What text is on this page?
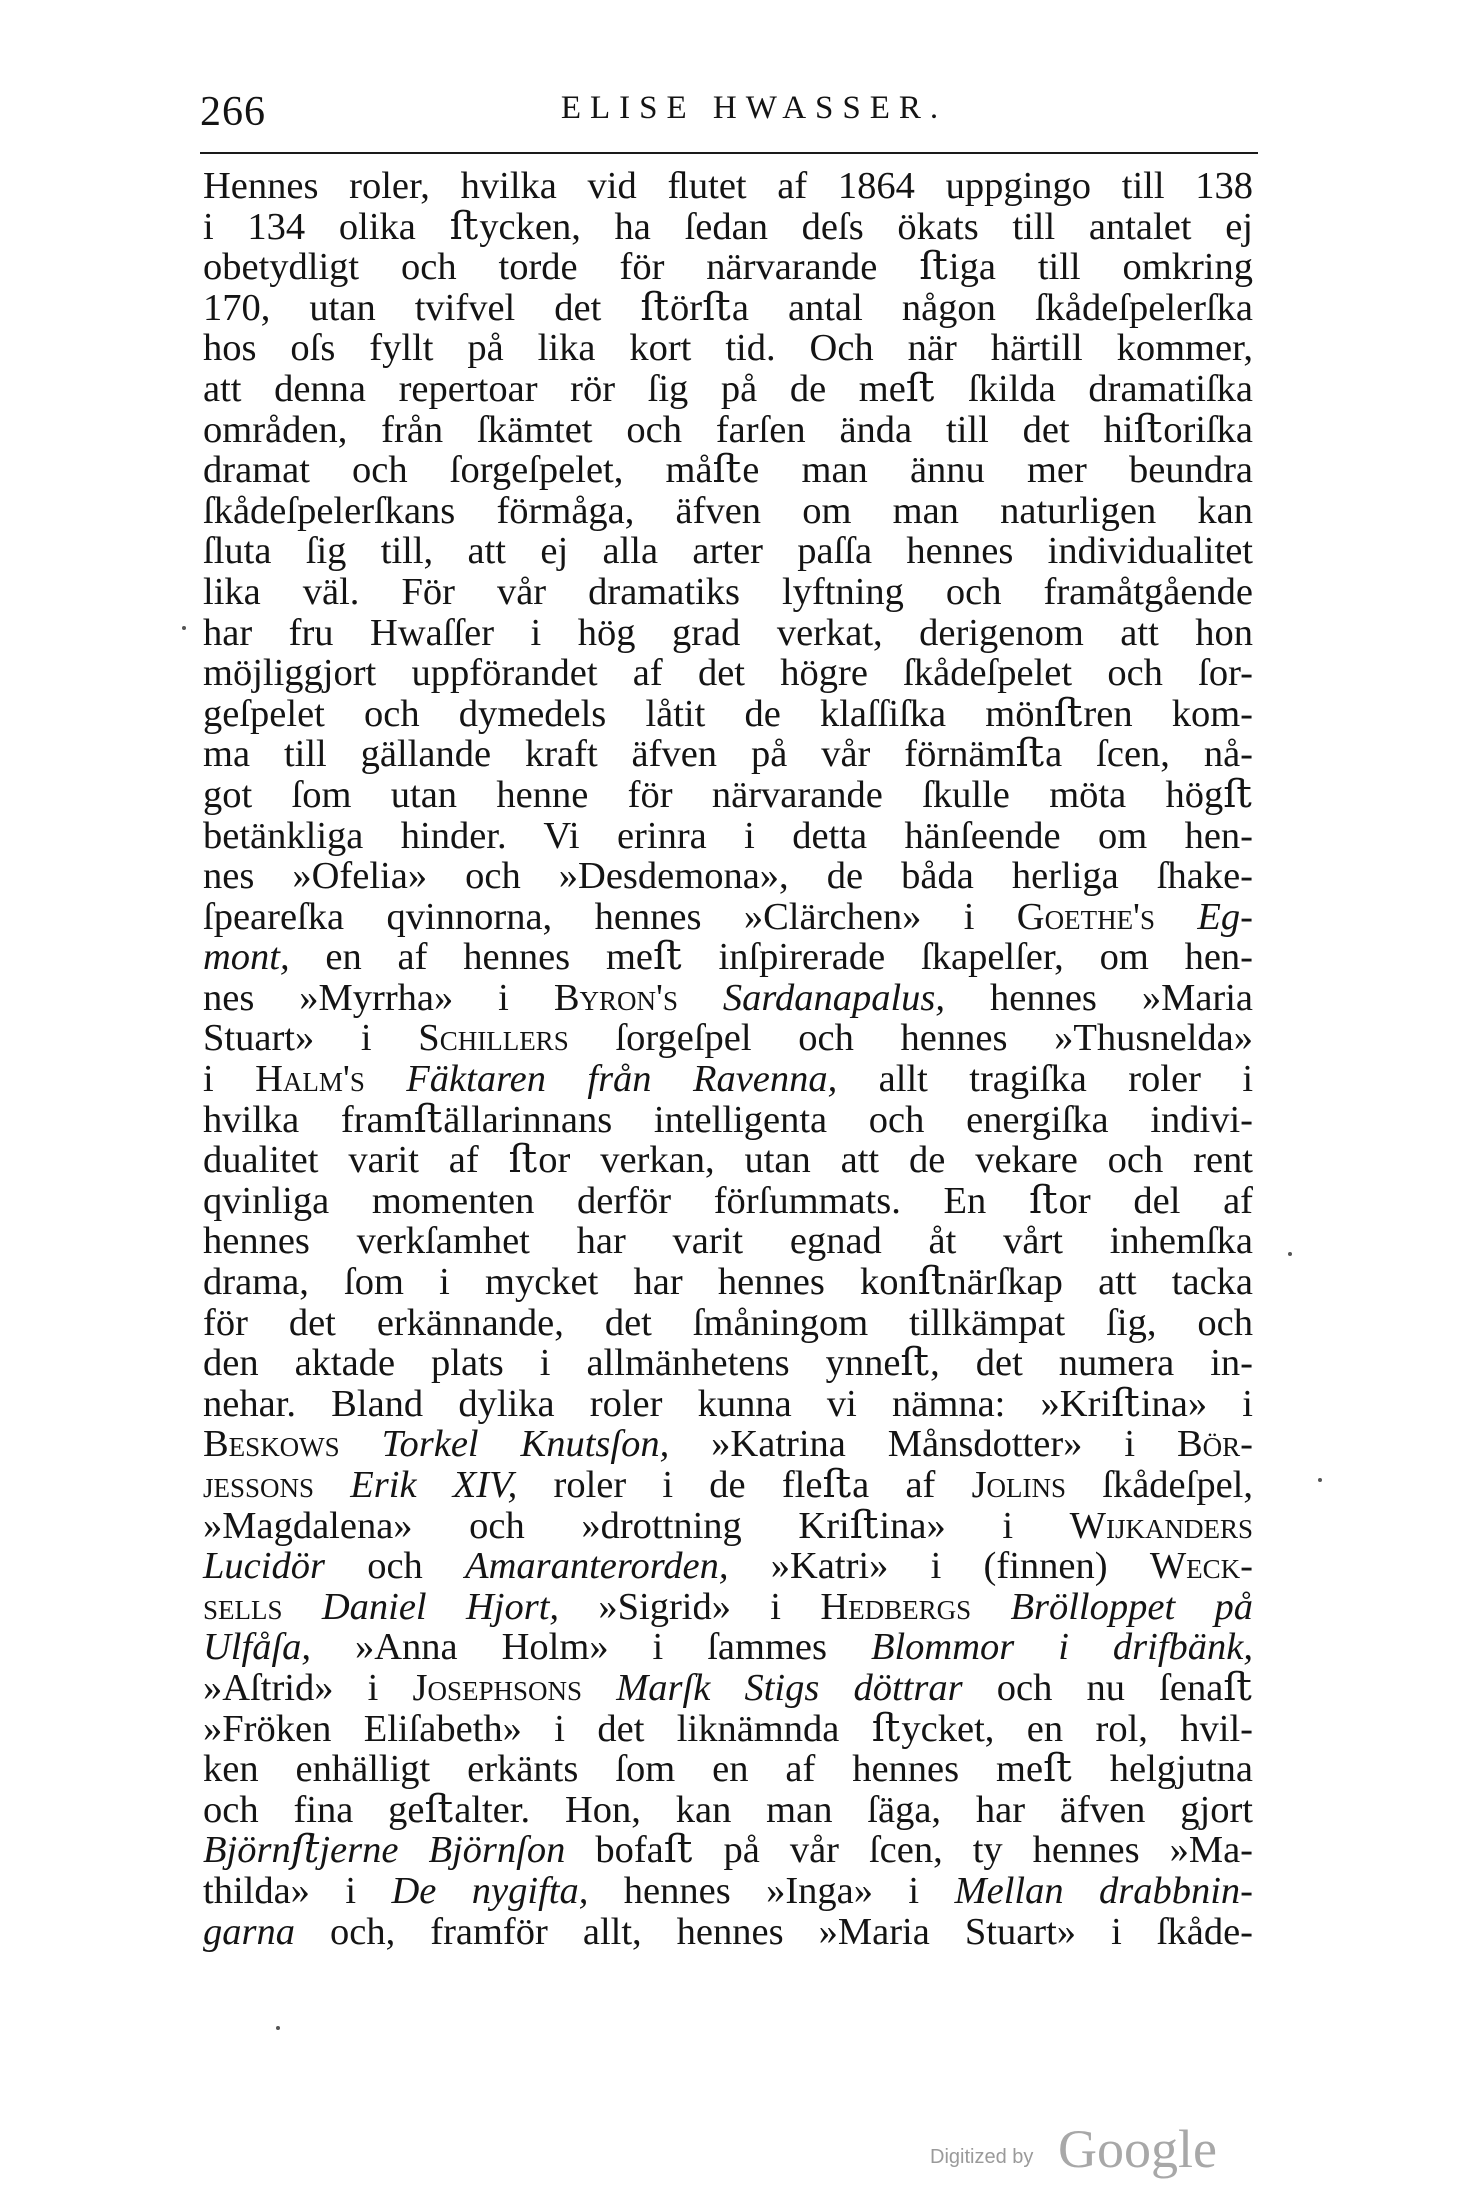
266	ELISE HWASSER.
Hennes roler, hvilka vid ﬂutet af 1864 uppgingo till 138
i 134 olika ﬅycken, ha ſedan deſs ökats till antalet ej
obetydligt och torde för närvarande ﬅiga till omkring
170, utan tvifvel det ﬅörﬅa antal någon ſkådeſpelerſka
hos oſs fyllt på lika kort tid. Och när härtill kommer,
att denna repertoar rör ſig på de meﬅ ſkilda dramatiſka
områden, från ſkämtet och farſen ända till det hiﬅoriſka
dramat och ſorgeſpelet, måﬅe man ännu mer beundra
ſkådeſpelerſkans förmåga, äfven om man naturligen kan
ſluta ſig till, att ej alla arter paſſa hennes individualitet
lika väl. För vår dramatiks lyftning och framåtgående
har fru Hwaſſer i hög grad verkat, derigenom att hon
möjliggjort uppförandet af det högre ſkådeſpelet och ſor-
geſpelet och dymedels låtit de klaſſiſka mönﬅren kom-
ma till gällande kraft äfven på vår förnämﬅa ſcen, nå-
got ſom utan henne för närvarande ſkulle möta högﬅ
betänkliga hinder. Vi erinra i detta hänſeende om hen-
nes »Ofelia» och »Desdemona», de båda herliga ſhake-
ſpeareſka qvinnorna, hennes »Clärchen» i Goethe's Eg-
mont, en af hennes meﬅ inſpirerade ſkapelſer, om hen-
nes »Myrrha» i Byron's Sardanapalus, hennes »Maria
Stuart» i Schillers ſorgeſpel och hennes »Thusnelda»
i Halm's Fäktaren från Ravenna, allt tragiſka roler i
hvilka framﬅällarinnans intelligenta och energiſka indivi-
dualitet varit af ﬅor verkan, utan att de vekare och rent
qvinliga momenten derför förſummats. En ﬅor del af
hennes verkſamhet har varit egnad åt vårt inhemſka
drama, ſom i mycket har hennes konﬅnärſkap att tacka
för det erkännande, det ſmåningom tillkämpat ſig, och
den aktade plats i allmänhetens ynneﬅ, det numera in-
nehar. Bland dylika roler kunna vi nämna: »Kriﬅina» i
Beskows Torkel Knutsſon, »Katrina Månsdotter» i Bör-
jessons Erik XIV, roler i de fleﬅa af Jolins ſkådeſpel,
»Magdalena» och »drottning Kriﬅina» i Wijkanders
Lucidör och Amaranterorden, »Katri» i (finnen) Weck-
sells Daniel Hjort, »Sigrid» i Hedbergs Bröllоppet på
Ulfåſa, »Anna Holm» i ſammes Blommor i drifbänk,
»Aſtrid» i Josephsons Marſk Stigs döttrar och nu ſenaﬅ
»Fröken Eliſabeth» i det liknämnda ﬅycket, en rol, hvil-
ken enhälligt erkänts ſom en af hennes meﬅ helgjutna
och fina geﬅalter. Hon, kan man ſäga, har äfven gjort
Björnﬅjerne Björnſon bofaﬅ på vår ſcen, ty hennes »Ma-
thilda» i De nygifta, hennes »Inga» i Mellan drabbnin-
garna och, framför allt, hennes »Maria Stuart» i ſkåde-
Digitized by Google
